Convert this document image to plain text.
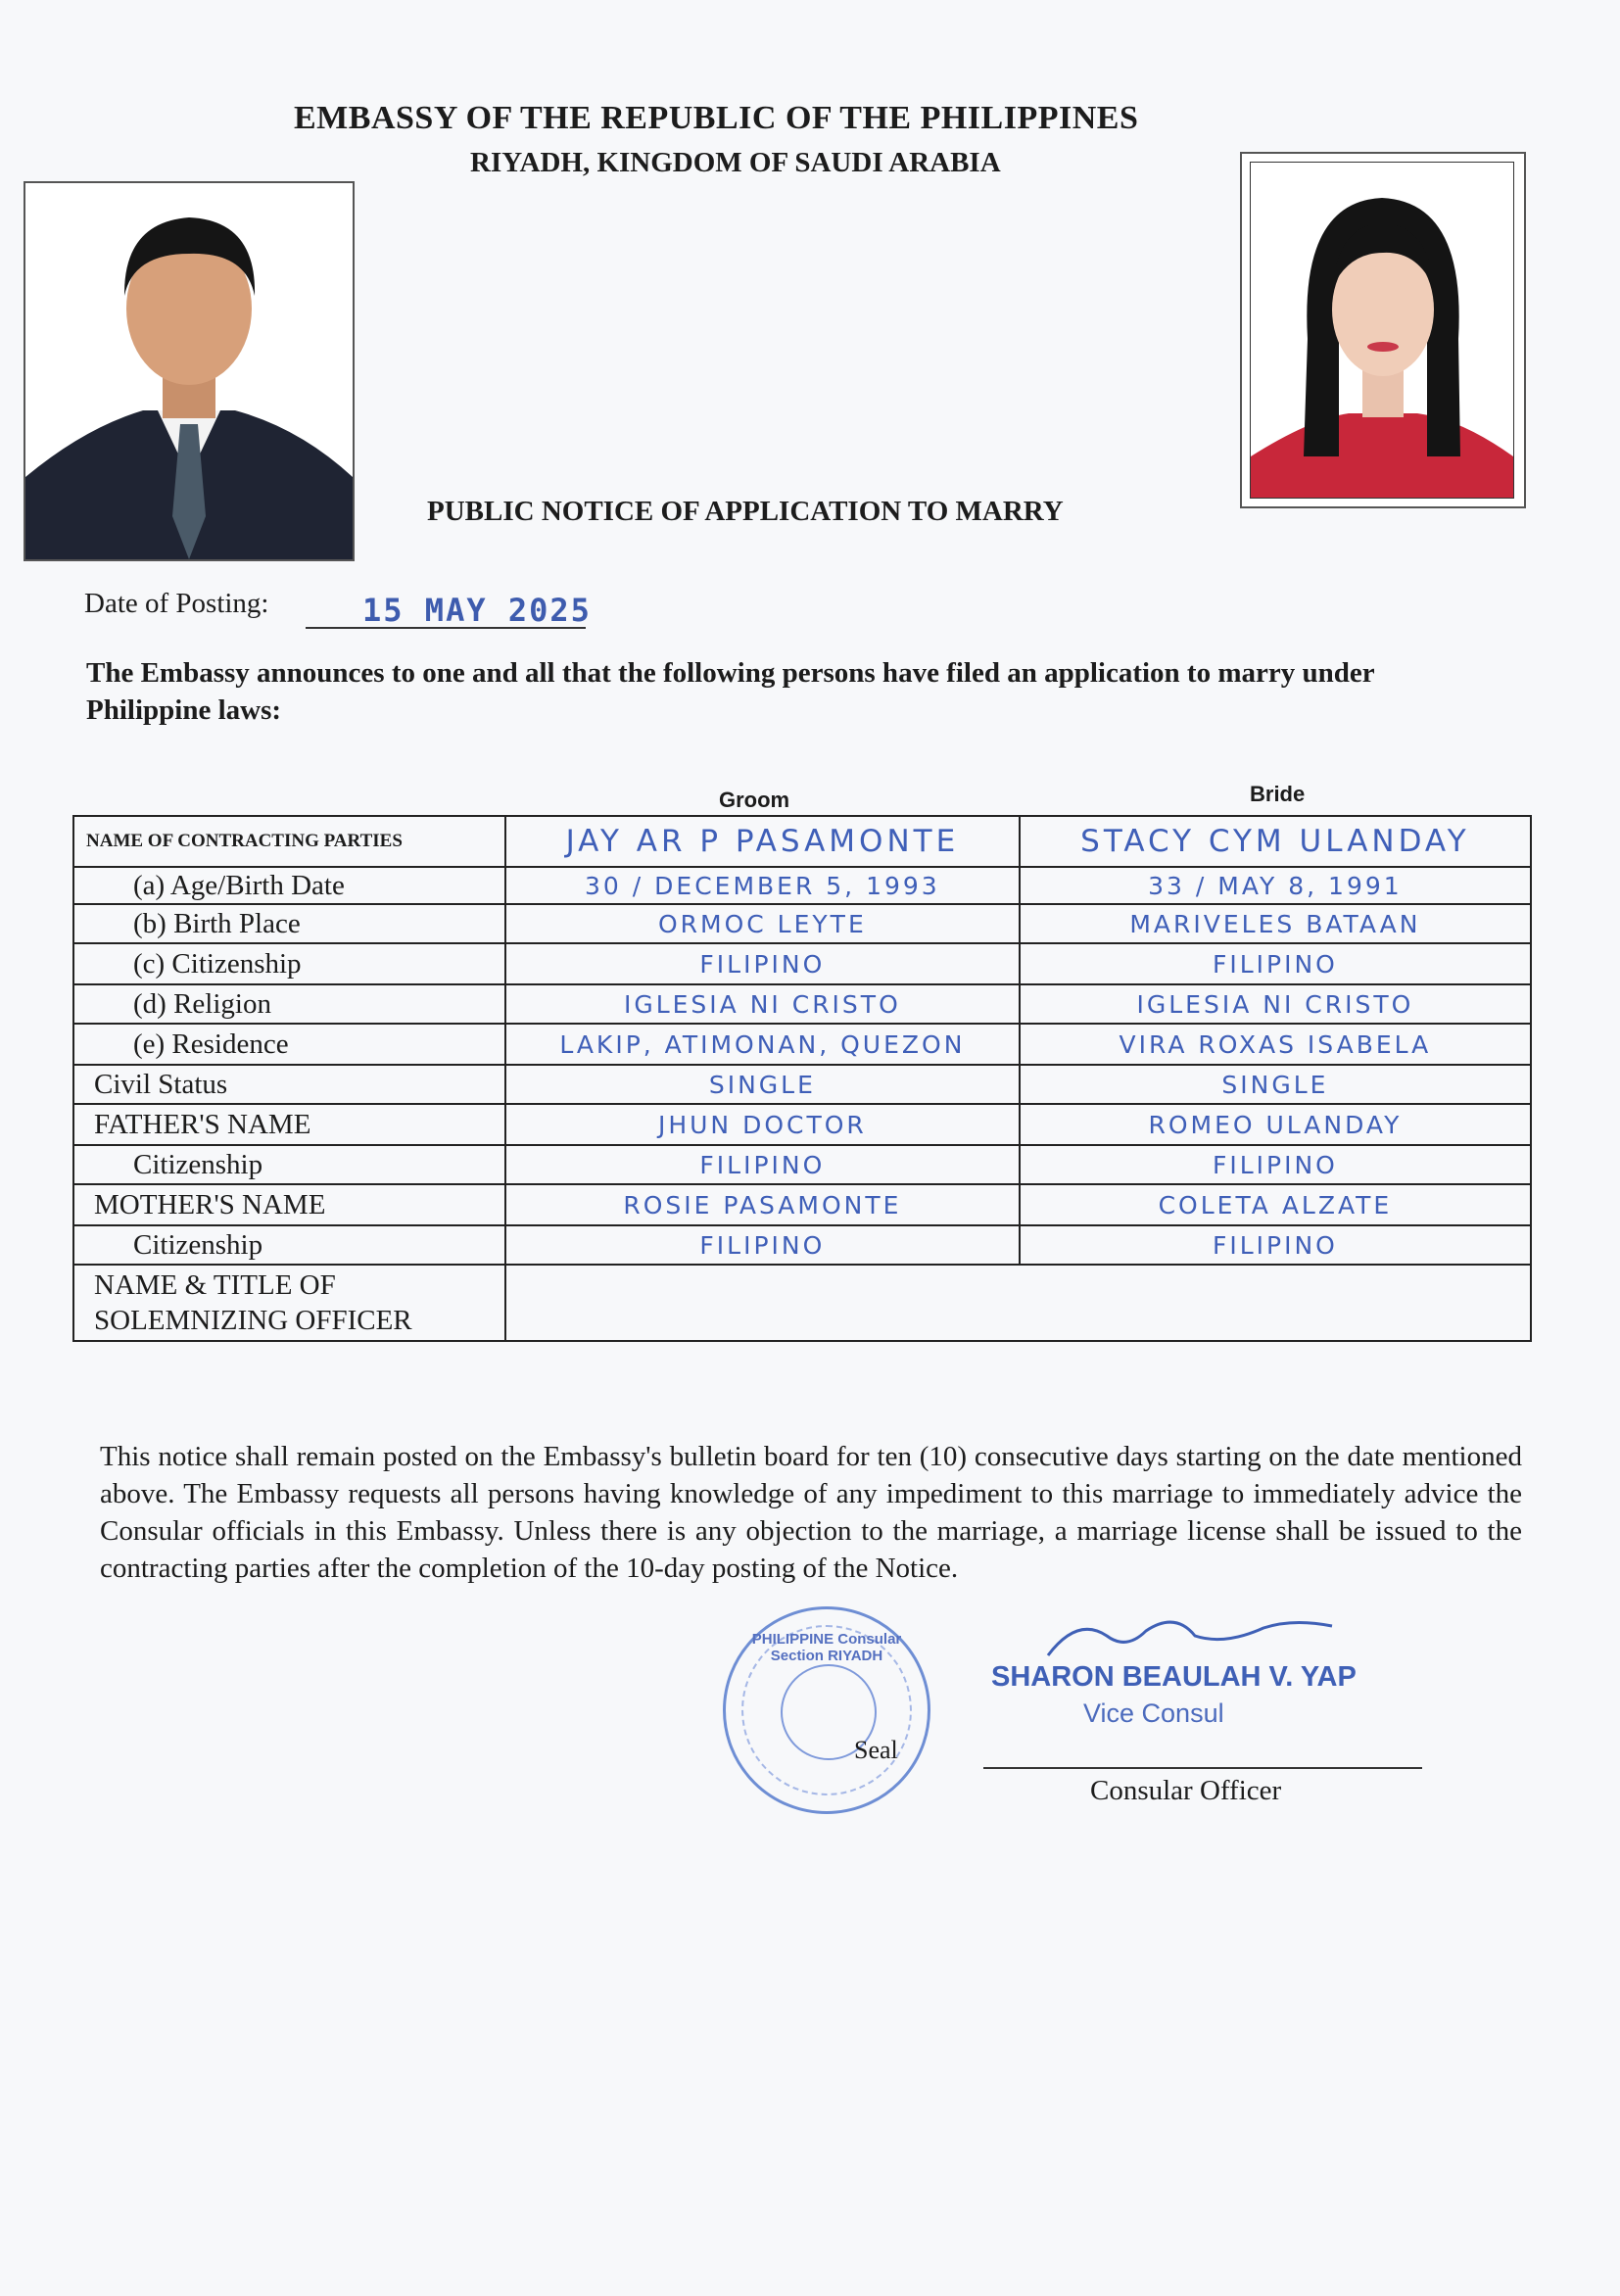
EMBASSY OF THE REPUBLIC OF THE PHILIPPINES
RIYADH, KINGDOM OF SAUDI ARABIA
PUBLIC NOTICE OF APPLICATION TO MARRY
Date of Posting:	15 MAY 2025
The Embassy announces to one and all that the following persons have filed an application to marry under Philippine laws:
Groom	Bride
NAME OF CONTRACTING PARTIES	JAY AR P PASAMONTE	STACY CYM ULANDAY
(a) Age/Birth Date	30 / DECEMBER 5, 1993	33 / MAY 8, 1991
(b) Birth Place	ORMOC LEYTE	MARIVELES BATAAN
(c) Citizenship	FILIPINO	FILIPINO
(d) Religion	IGLESIA NI CRISTO	IGLESIA NI CRISTO
(e) Residence	LAKIP, ATIMONAN, QUEZON	VIRA ROXAS ISABELA
Civil Status	SINGLE	SINGLE
FATHER'S NAME	JHUN DOCTOR	ROMEO ULANDAY
Citizenship	FILIPINO	FILIPINO
MOTHER'S NAME	ROSIE PASAMONTE	COLETA ALZATE
Citizenship	FILIPINO	FILIPINO
NAME & TITLE OF SOLEMNIZING OFFICER		
This notice shall remain posted on the Embassy's bulletin board for ten (10) consecutive days starting on the date mentioned above. The Embassy requests all persons having knowledge of any impediment to this marriage to immediately advice the Consular officials in this Embassy. Unless there is any objection to the marriage, a marriage license shall be issued to the contracting parties after the completion of the 10-day posting of the Notice.
PHILIPPINE Consular Section RIYADH
Seal
SHARON BEAULAH V. YAP
Vice Consul
Consular Officer
